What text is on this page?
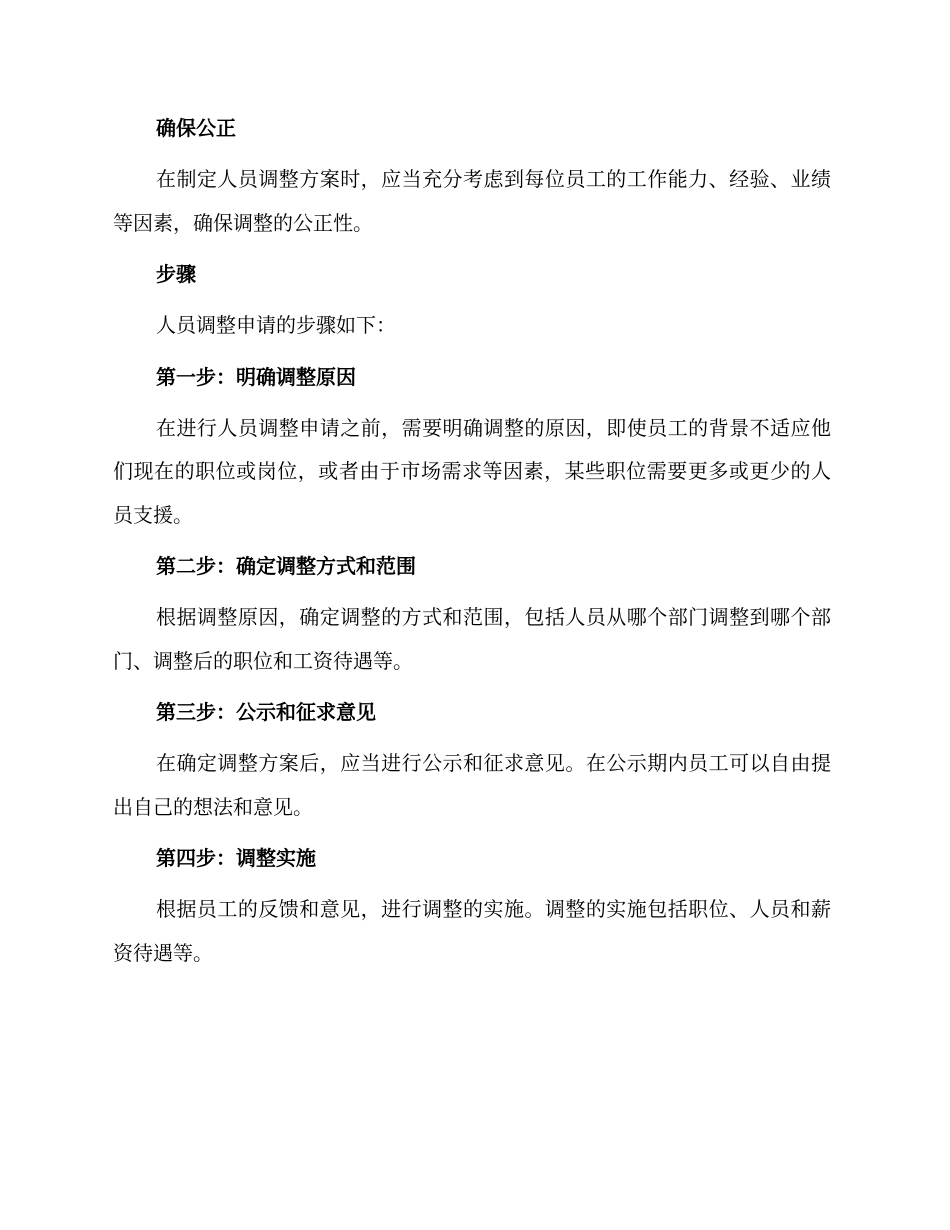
确保公正

在制定人员调整方案时，应当充分考虑到每位员工的工作能力、经验、业绩等因素，确保调整的公正性。

步骤

人员调整申请的步骤如下：

第一步：明确调整原因

在进行人员调整申请之前，需要明确调整的原因，即使员工的背景不适应他们现在的职位或岗位，或者由于市场需求等因素，某些职位需要更多或更少的人员支援。

第二步：确定调整方式和范围

根据调整原因，确定调整的方式和范围，包括人员从哪个部门调整到哪个部门、调整后的职位和工资待遇等。

第三步：公示和征求意见

在确定调整方案后，应当进行公示和征求意见。在公示期内员工可以自由提出自己的想法和意见。

第四步：调整实施

根据员工的反馈和意见，进行调整的实施。调整的实施包括职位、人员和薪资待遇等。
